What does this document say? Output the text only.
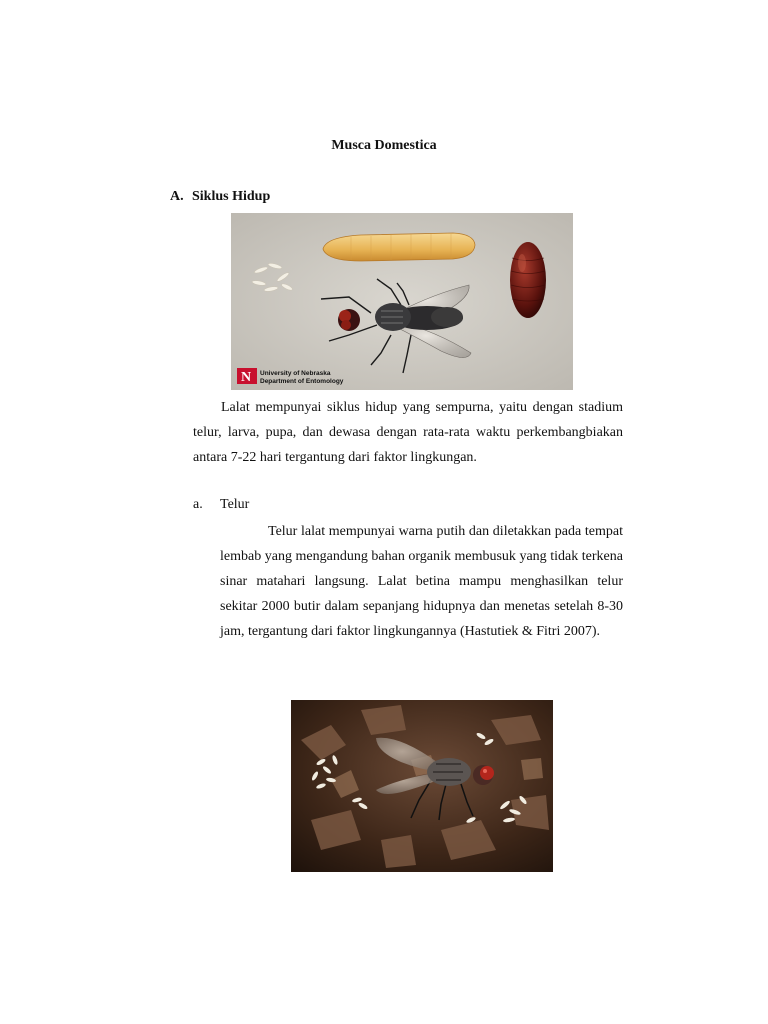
Musca Domestica
A. Siklus Hidup
N University of Nebraska
Department of Entomology
Lalat mempunyai siklus hidup yang sempurna, yaitu dengan stadium telur, larva, pupa, dan dewasa dengan rata-rata waktu perkembangbiakan antara 7-22 hari tergantung dari faktor lingkungan.
a. Telur
Telur lalat mempunyai warna putih dan diletakkan pada tempat lembab yang mengandung bahan organik membusuk yang tidak terkena sinar matahari langsung. Lalat betina mampu menghasilkan telur sekitar 2000 butir dalam sepanjang hidupnya dan menetas setelah 8-30 jam, tergantung dari faktor lingkungannya (Hastutiek & Fitri 2007).
